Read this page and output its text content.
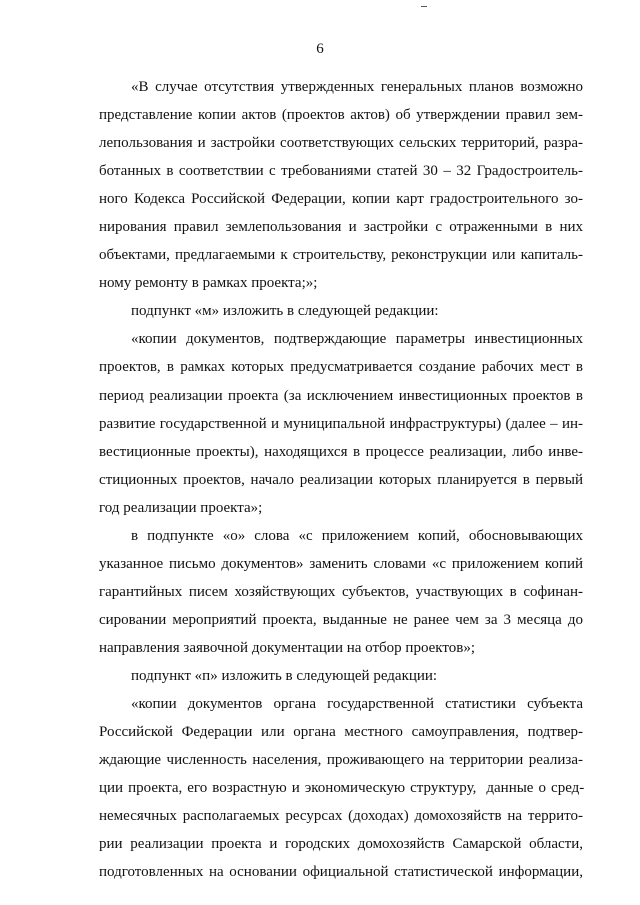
6
«В случае отсутствия утвержденных генеральных планов возможно
представление копии актов (проектов актов) об утверждении правил зем-
лепользования и застройки соответствующих сельских территорий, разра-
ботанных в соответствии с требованиями статей 30 – 32 Градостроитель-
ного Кодекса Российской Федерации, копии карт градостроительного зо-
нирования правил землепользования и застройки с отраженными в них
объектами, предлагаемыми к строительству, реконструкции или капиталь-
ному ремонту в рамках проекта;»;
подпункт «м» изложить в следующей редакции:
«копии документов, подтверждающие параметры инвестиционных
проектов, в рамках которых предусматривается создание рабочих мест в
период реализации проекта (за исключением инвестиционных проектов в
развитие государственной и муниципальной инфраструктуры) (далее – ин-
вестиционные проекты), находящихся в процессе реализации, либо инве-
стиционных проектов, начало реализации которых планируется в первый
год реализации проекта»;
в подпункте «о» слова «с приложением копий, обосновывающих
указанное письмо документов» заменить словами «с приложением копий
гарантийных писем хозяйствующих субъектов, участвующих в софинан-
сировании мероприятий проекта, выданные не ранее чем за 3 месяца до
направления заявочной документации на отбор проектов»;
подпункт «п» изложить в следующей редакции:
«копии документов органа государственной статистики субъекта
Российской Федерации или органа местного самоуправления, подтвер-
ждающие численность населения, проживающего на территории реализа-
ции проекта, его возрастную и экономическую структуру,  данные о сред-
немесячных располагаемых ресурсах (доходах) домохозяйств на террито-
рии реализации проекта и городских домохозяйств Самарской области,
подготовленных на основании официальной статистической информации,
